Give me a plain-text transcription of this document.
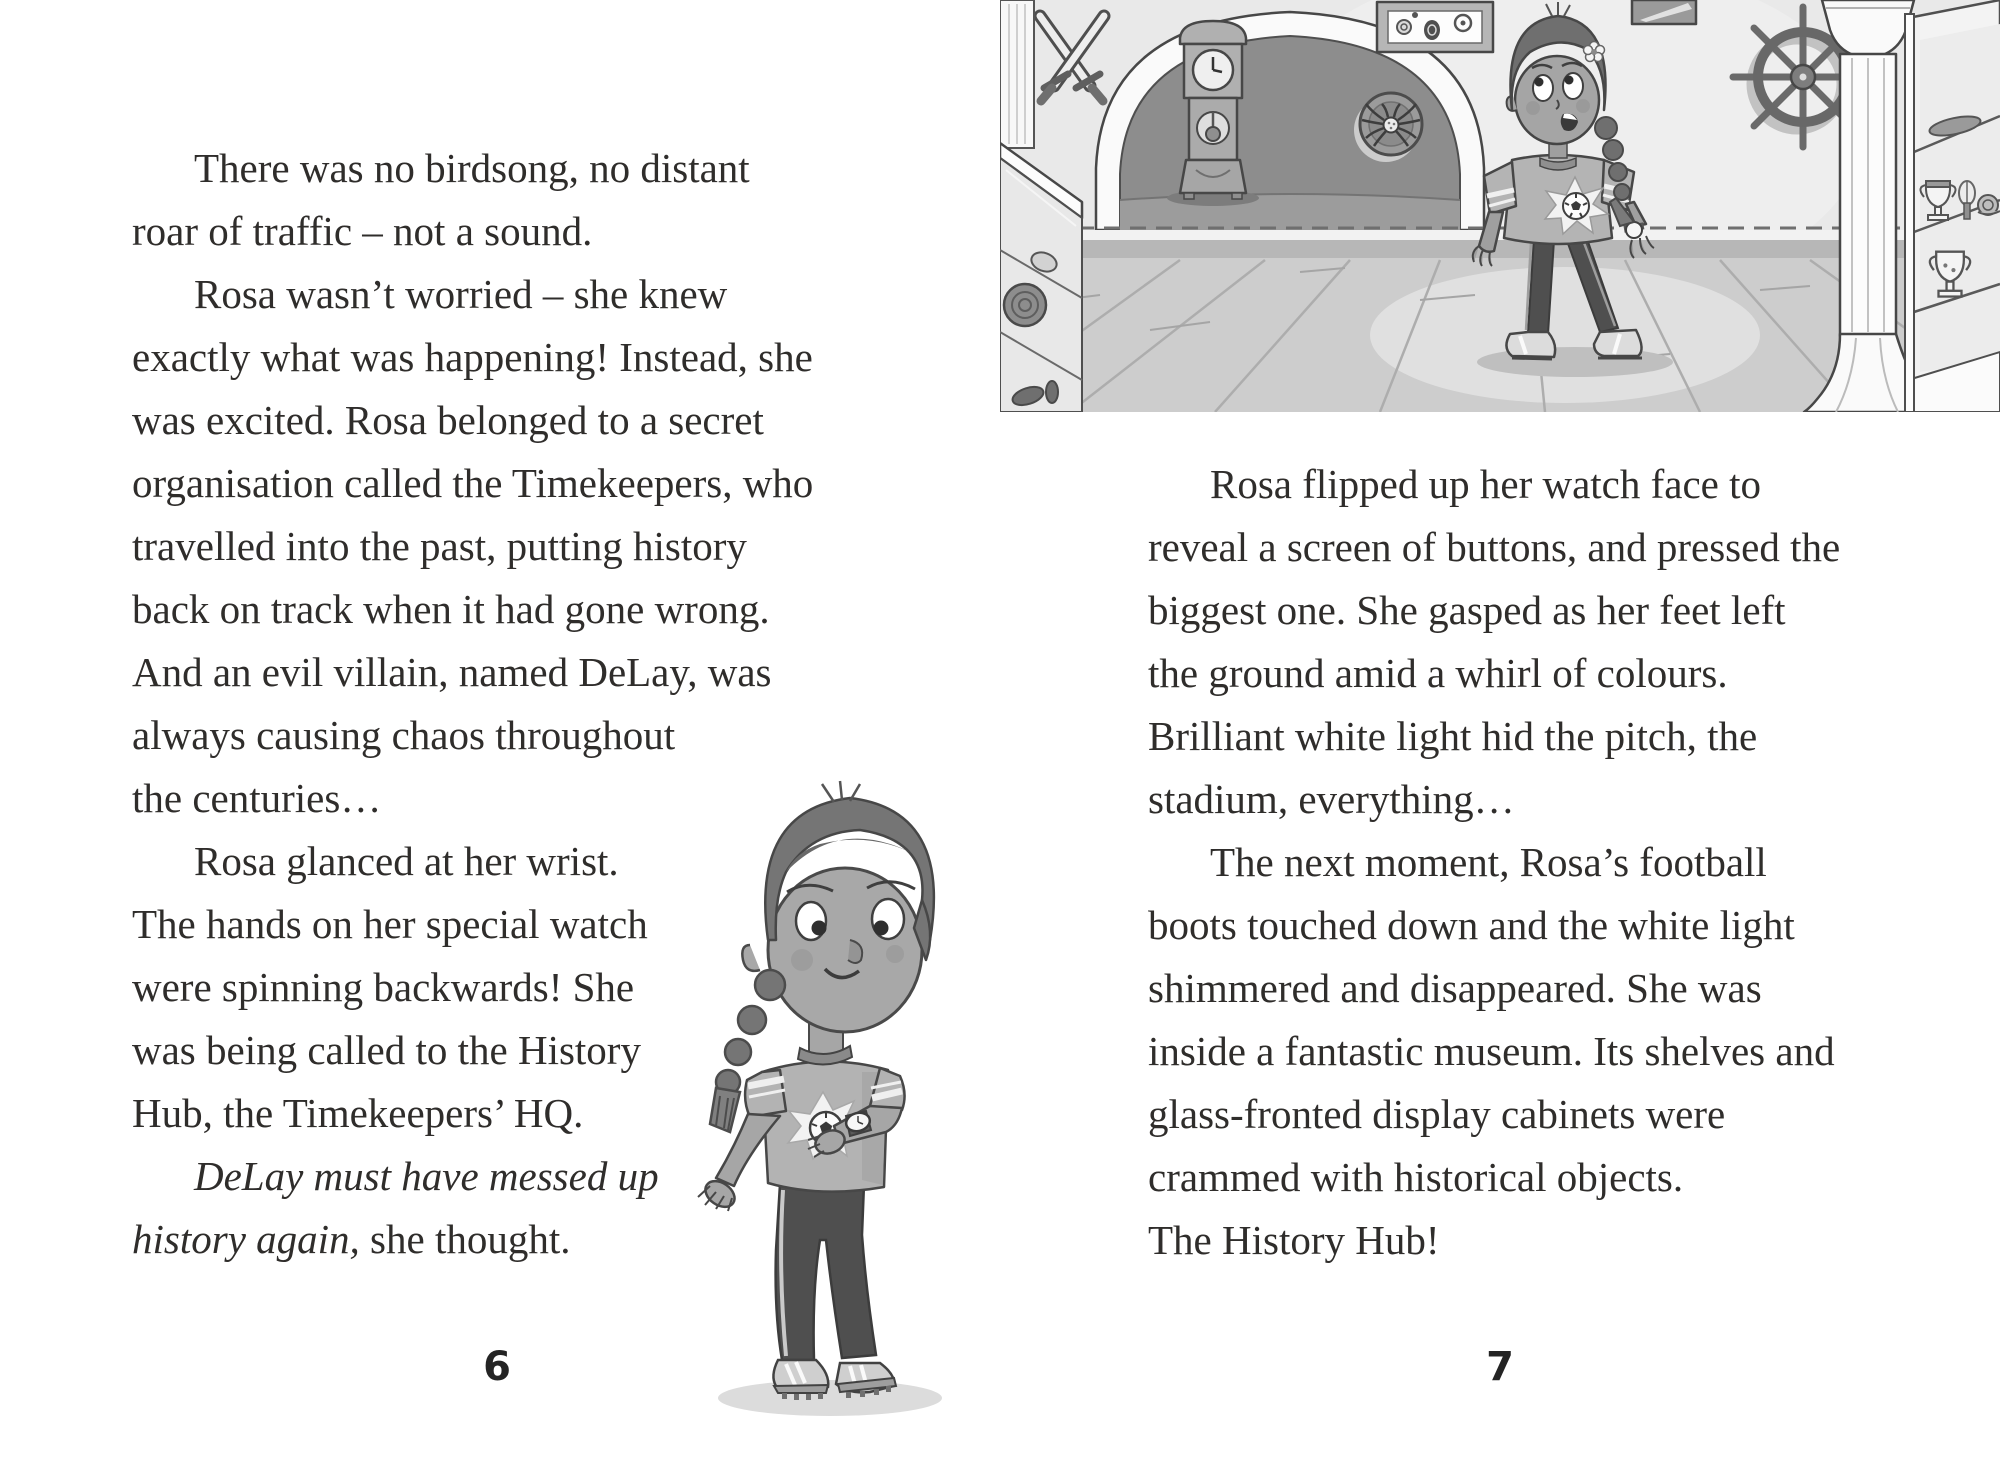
There was no birdsong, no distant
roar of traffic – not a sound.
Rosa wasn’t worried – she knew
exactly what was happening! Instead, she
was excited. Rosa belonged to a secret
organisation called the Timekeepers, who
travelled into the past, putting history
back on track when it had gone wrong.
And an evil villain, named DeLay, was
always causing chaos throughout
the centuries…
Rosa glanced at her wrist.
The hands on her special watch
were spinning backwards! She
was being called to the History
Hub, the Timekeepers’ HQ.
DeLay must have messed up
history again, she thought.
6
Rosa flipped up her watch face to
reveal a screen of buttons, and pressed the
biggest one. She gasped as her feet left
the ground amid a whirl of colours.
Brilliant white light hid the pitch, the
stadium, everything…
The next moment, Rosa’s football
boots touched down and the white light
shimmered and disappeared. She was
inside a fantastic museum. Its shelves and
glass-fronted display cabinets were
crammed with historical objects.
The History Hub!
7
